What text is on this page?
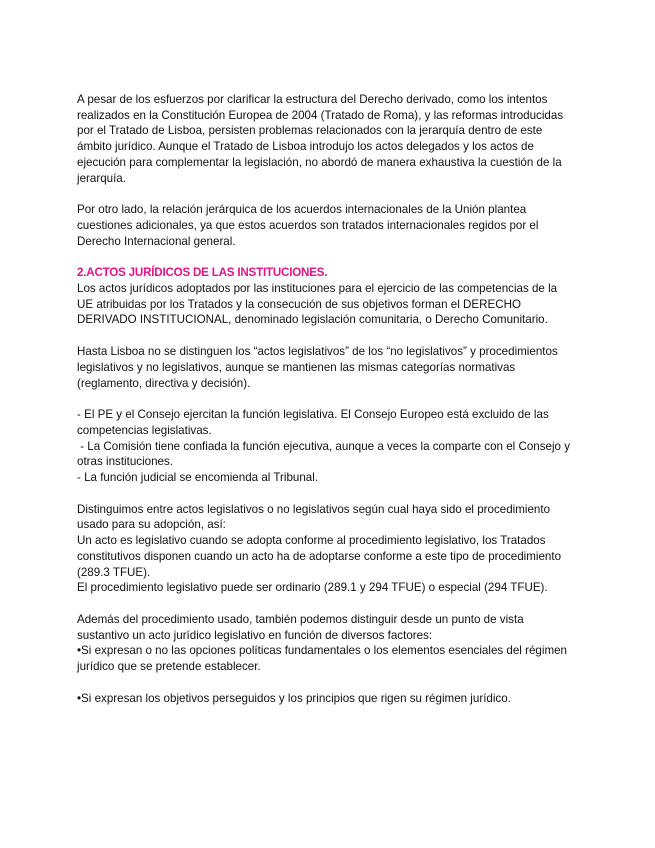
A pesar de los esfuerzos por clarificar la estructura del Derecho derivado, como los intentos
realizados en la Constitución Europea de 2004 (Tratado de Roma), y las reformas introducidas
por el Tratado de Lisboa, persisten problemas relacionados con la jerarquía dentro de este
ámbito jurídico. Aunque el Tratado de Lisboa introdujo los actos delegados y los actos de
ejecución para complementar la legislación, no abordó de manera exhaustiva la cuestión de la
jerarquía.
Por otro lado, la relación jerárquica de los acuerdos internacionales de la Unión plantea
cuestiones adicionales, ya que estos acuerdos son tratados internacionales regidos por el
Derecho Internacional general.
2.ACTOS JURÍDICOS DE LAS INSTITUCIONES.
Los actos jurídicos adoptados por las instituciones para el ejercicio de las competencias de la
UE atribuidas por los Tratados y la consecución de sus objetivos forman el DERECHO
DERIVADO INSTITUCIONAL, denominado legislación comunitaria, o Derecho Comunitario.
Hasta Lisboa no se distinguen los “actos legislativos” de los “no legislativos” y procedimientos
legislativos y no legislativos, aunque se mantienen las mismas categorías normativas
(reglamento, directiva y decisión).
- El PE y el Consejo ejercitan la función legislativa. El Consejo Europeo está excluido de las
competencias legislativas.
- La Comisión tiene confiada la función ejecutiva, aunque a veces la comparte con el Consejo y
otras instituciones.
- La función judicial se encomienda al Tribunal.
Distinguimos entre actos legislativos o no legislativos según cual haya sido el procedimiento
usado para su adopción, así:
Un acto es legislativo cuando se adopta conforme al procedimiento legislativo, los Tratados
constitutivos disponen cuando un acto ha de adoptarse conforme a este tipo de procedimiento
(289.3 TFUE).
El procedimiento legislativo puede ser ordinario (289.1 y 294 TFUE) o especial (294 TFUE).
Además del procedimiento usado, también podemos distinguir desde un punto de vista
sustantivo un acto jurídico legislativo en función de diversos factores:
•Si expresan o no las opciones políticas fundamentales o los elementos esenciales del régimen
jurídico que se pretende establecer.
•Si expresan los objetivos perseguidos y los principios que rigen su régimen jurídico.
